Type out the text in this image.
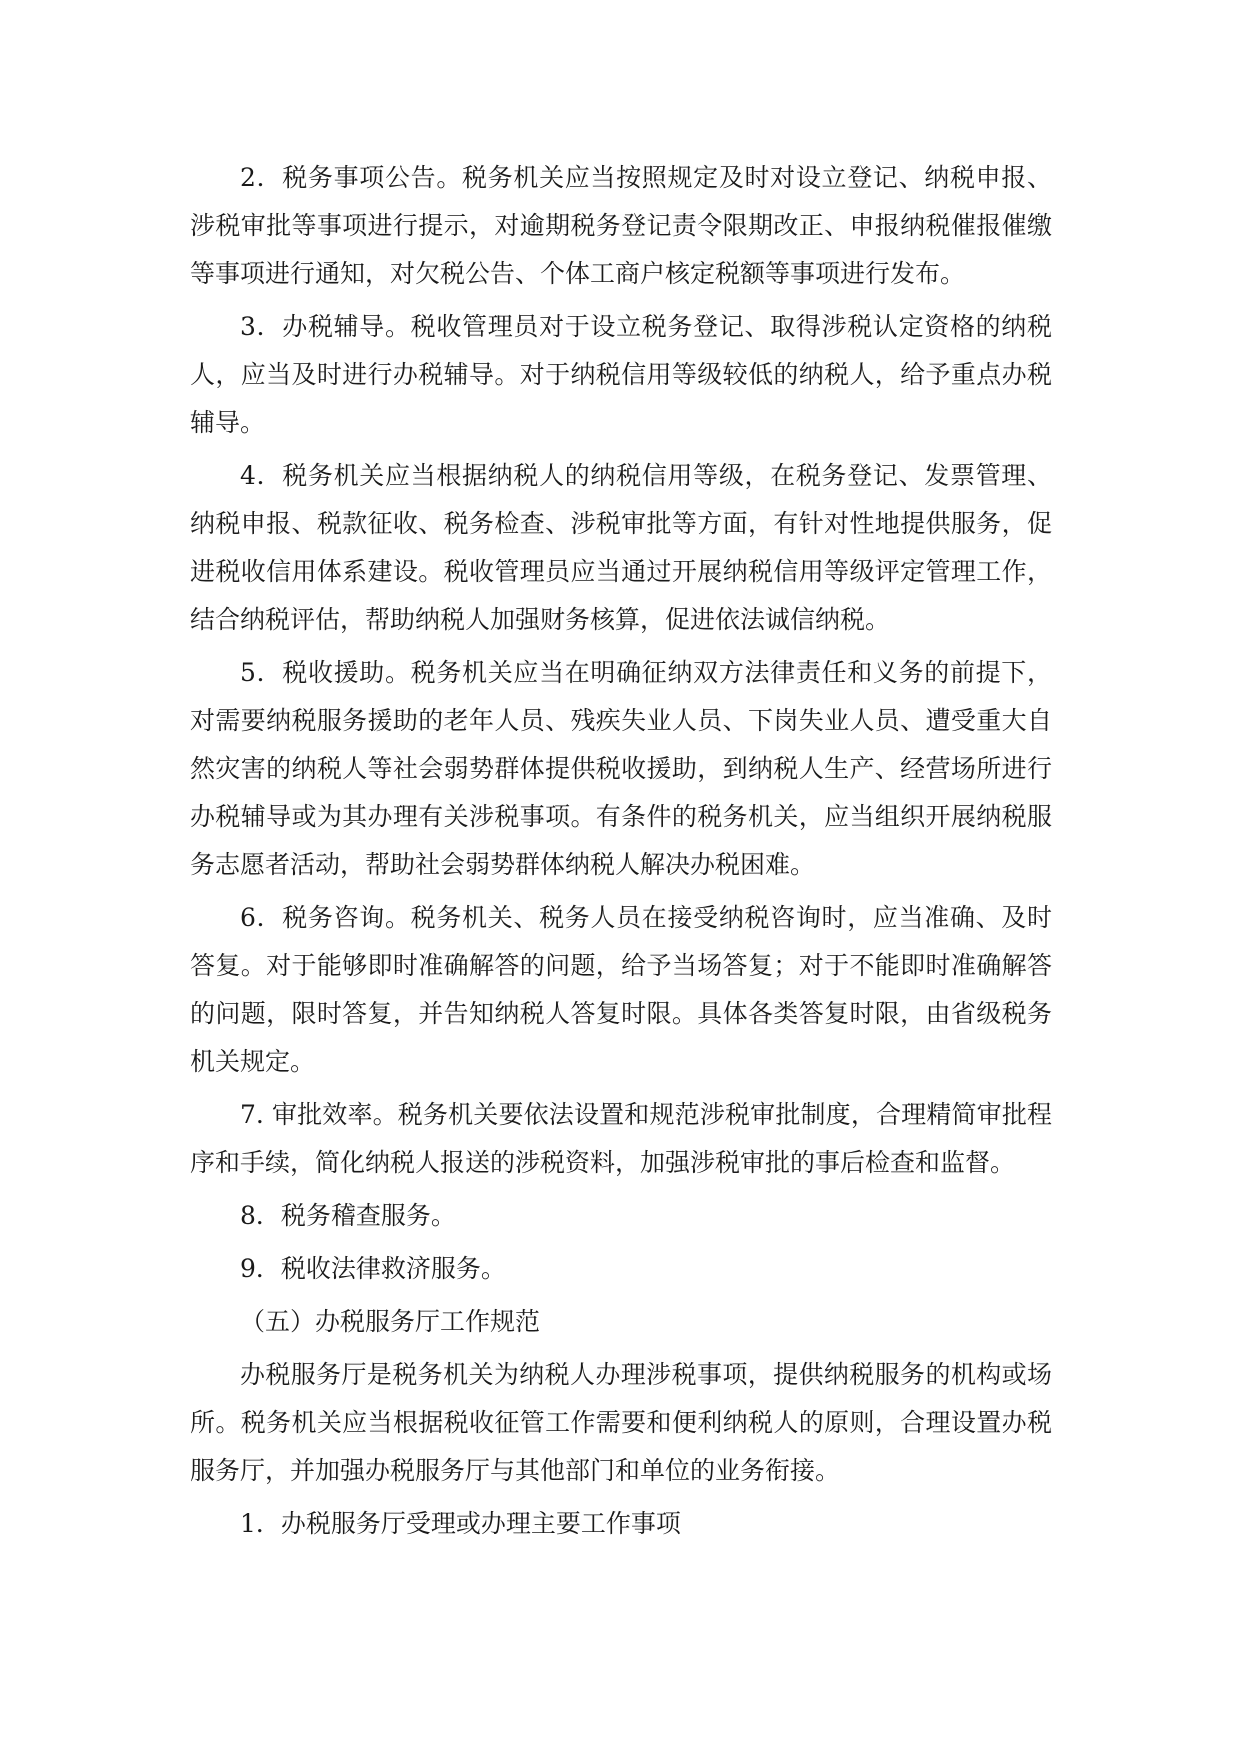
2．税务事项公告。税务机关应当按照规定及时对设立登记、纳税申报、涉税审批等事项进行提示，对逾期税务登记责令限期改正、申报纳税催报催缴等事项进行通知，对欠税公告、个体工商户核定税额等事项进行发布。

3．办税辅导。税收管理员对于设立税务登记、取得涉税认定资格的纳税人，应当及时进行办税辅导。对于纳税信用等级较低的纳税人，给予重点办税辅导。

4．税务机关应当根据纳税人的纳税信用等级，在税务登记、发票管理、纳税申报、税款征收、税务检查、涉税审批等方面，有针对性地提供服务，促进税收信用体系建设。税收管理员应当通过开展纳税信用等级评定管理工作，结合纳税评估，帮助纳税人加强财务核算，促进依法诚信纳税。

5．税收援助。税务机关应当在明确征纳双方法律责任和义务的前提下，对需要纳税服务援助的老年人员、残疾失业人员、下岗失业人员、遭受重大自然灾害的纳税人等社会弱势群体提供税收援助，到纳税人生产、经营场所进行办税辅导或为其办理有关涉税事项。有条件的税务机关，应当组织开展纳税服务志愿者活动，帮助社会弱势群体纳税人解决办税困难。

6．税务咨询。税务机关、税务人员在接受纳税咨询时，应当准确、及时答复。对于能够即时准确解答的问题，给予当场答复；对于不能即时准确解答的问题，限时答复，并告知纳税人答复时限。具体各类答复时限，由省级税务机关规定。

7. 审批效率。税务机关要依法设置和规范涉税审批制度，合理精简审批程序和手续，简化纳税人报送的涉税资料，加强涉税审批的事后检查和监督。

8．税务稽查服务。

9．税收法律救济服务。

（五）办税服务厅工作规范

办税服务厅是税务机关为纳税人办理涉税事项，提供纳税服务的机构或场所。税务机关应当根据税收征管工作需要和便利纳税人的原则，合理设置办税服务厅，并加强办税服务厅与其他部门和单位的业务衔接。

1．办税服务厅受理或办理主要工作事项
